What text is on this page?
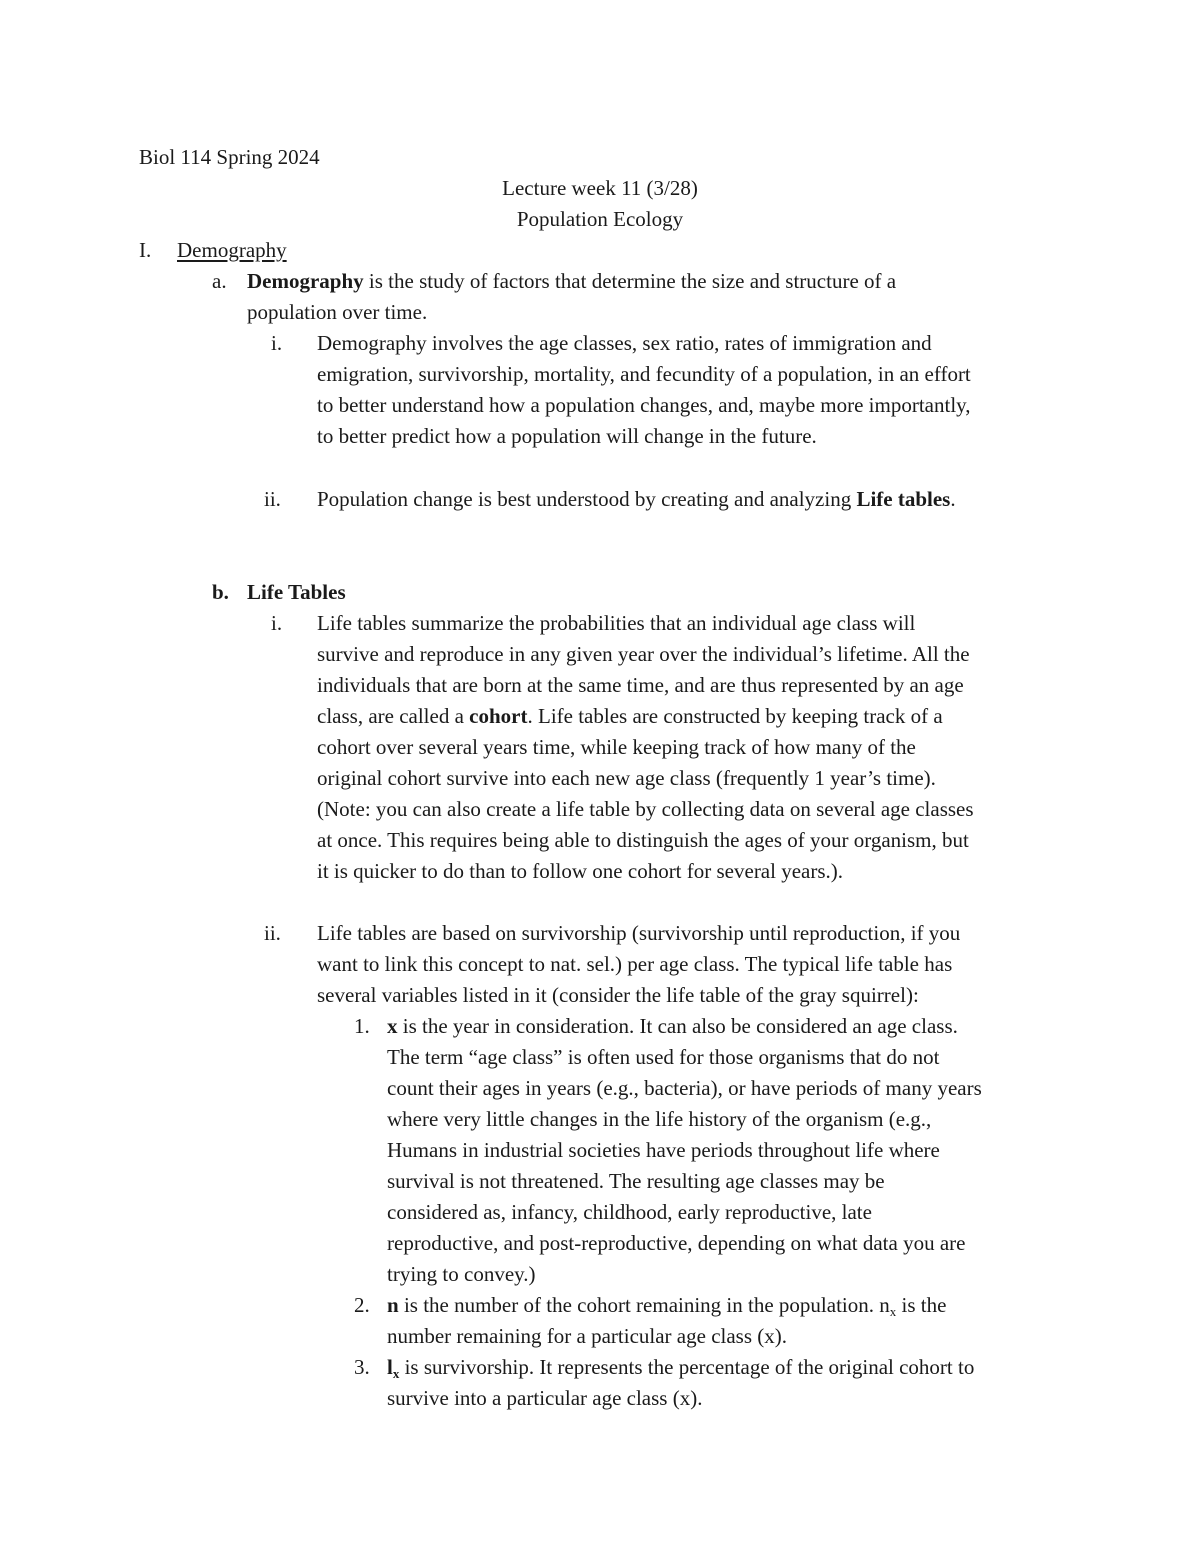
Biol 114 Spring 2024
Lecture week 11 (3/28)
Population Ecology
I. Demography
a. Demography is the study of factors that determine the size and structure of a
population over time.
i. Demography involves the age classes, sex ratio, rates of immigration and
emigration, survivorship, mortality, and fecundity of a population, in an effort
to better understand how a population changes, and, maybe more importantly,
to better predict how a population will change in the future.
ii. Population change is best understood by creating and analyzing Life tables.
b. Life Tables
i. Life tables summarize the probabilities that an individual age class will
survive and reproduce in any given year over the individual’s lifetime. All the
individuals that are born at the same time, and are thus represented by an age
class, are called a cohort. Life tables are constructed by keeping track of a
cohort over several years time, while keeping track of how many of the
original cohort survive into each new age class (frequently 1 year’s time).
(Note: you can also create a life table by collecting data on several age classes
at once. This requires being able to distinguish the ages of your organism, but
it is quicker to do than to follow one cohort for several years.).
ii. Life tables are based on survivorship (survivorship until reproduction, if you
want to link this concept to nat. sel.) per age class. The typical life table has
several variables listed in it (consider the life table of the gray squirrel):
1. x is the year in consideration. It can also be considered an age class.
The term “age class” is often used for those organisms that do not
count their ages in years (e.g., bacteria), or have periods of many years
where very little changes in the life history of the organism (e.g.,
Humans in industrial societies have periods throughout life where
survival is not threatened. The resulting age classes may be
considered as, infancy, childhood, early reproductive, late
reproductive, and post-reproductive, depending on what data you are
trying to convey.)
2. n is the number of the cohort remaining in the population. $n_x$ is the
number remaining for a particular age class (x).
3. $l_x$ is survivorship. It represents the percentage of the original cohort to
survive into a particular age class (x).
